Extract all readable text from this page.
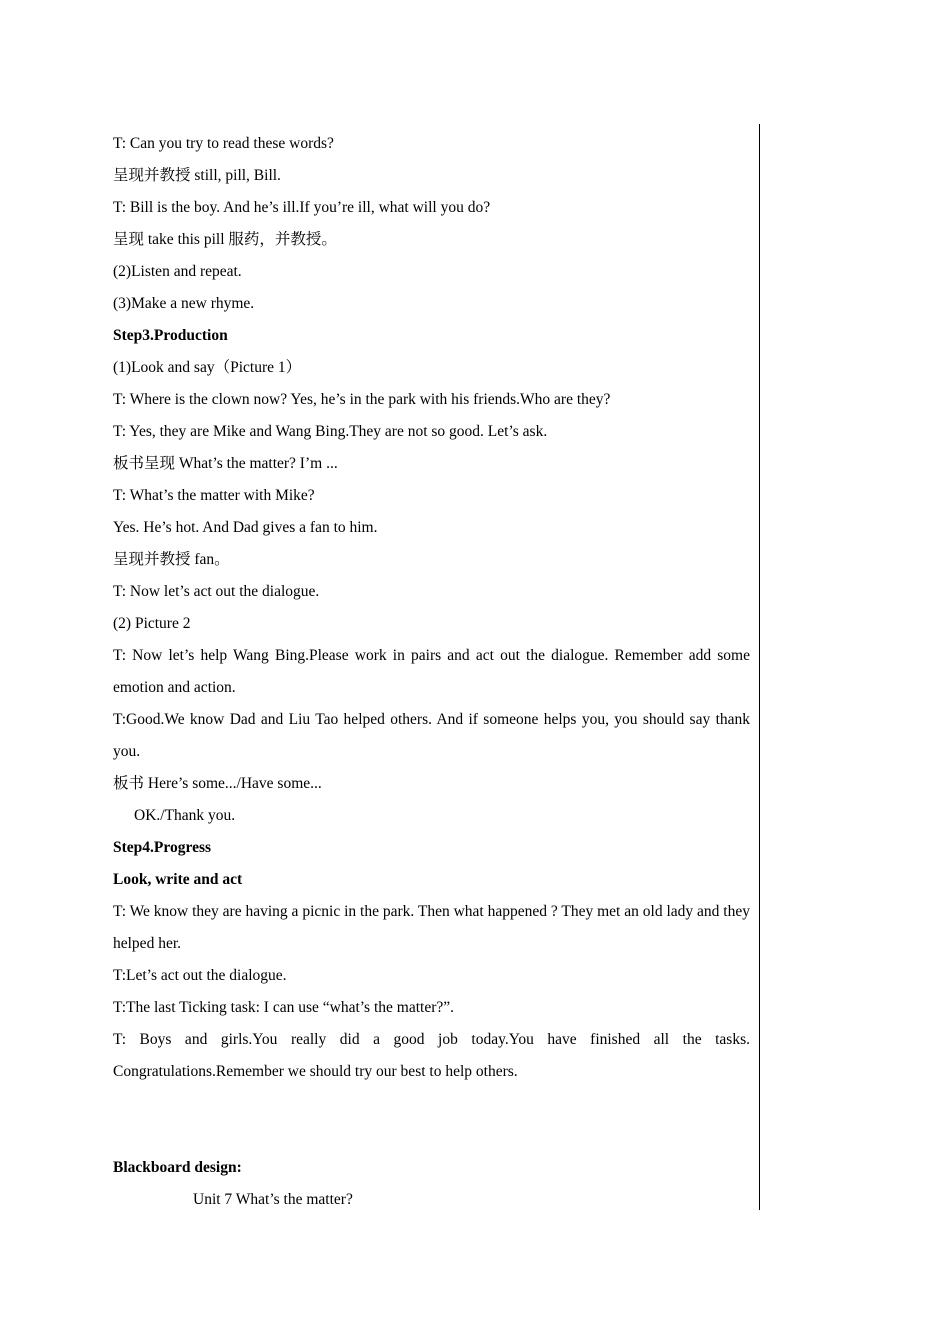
T: Can you try to read these words?

呈现并教授 still, pill, Bill.

T: Bill is the boy. And he’s ill.If you’re ill, what will you do?

呈现 take this pill 服药，并教授。

(2)Listen and repeat.

(3)Make a new rhyme.

Step3.Production

(1)Look and say（Picture 1）

T: Where is the clown now? Yes, he’s in the park with his friends.Who are they?

T: Yes, they are Mike and Wang Bing.They are not so good. Let’s ask.

板书呈现 What’s the matter? I’m ...

T: What’s the matter with Mike?

Yes. He’s hot. And Dad gives a fan to him.

呈现并教授 fan。

T: Now let’s act out the dialogue.

(2) Picture 2

T: Now let’s help Wang Bing.Please work in pairs and act out the dialogue. Remember add some emotion and action.

T:Good.We know Dad and Liu Tao helped others. And if someone helps you, you should say thank you.

板书 Here’s some.../Have some...

OK./Thank you.

Step4.Progress

Look, write and act

T: We know they are having a picnic in the park. Then what happened ? They met an old lady and they helped her.

T:Let’s act out the dialogue.

T:The last Ticking task: I can use “what’s the matter?”.

T: Boys and girls.You really did a good job today.You have finished all the tasks. Congratulations.Remember we should try our best to help others.

Blackboard design:

Unit 7 What’s the matter?
